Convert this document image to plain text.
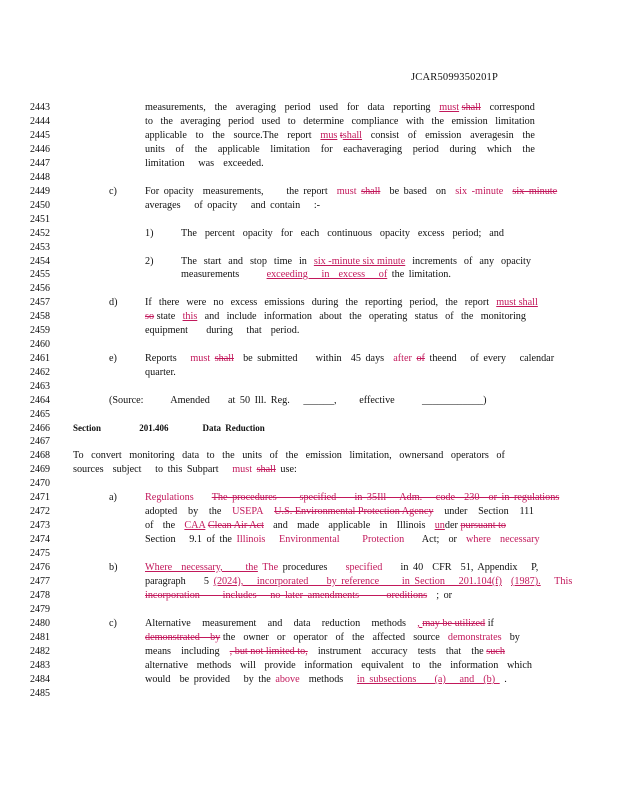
JCAR5099350201P
2443
2444
2445
2446
2447
2448
2449
2450
2451
2452
2453
2454
2455
2456
2457
2458
2459
2460
2461
2462
2463
2464
2465
2466
2467
2468
2469
2470
2471
2472
2473
2474
2475
2476
2477
2478
2479
2480
2481
2482
2483
2484
2485
measurements, the averaging period used for data reporting must shall correspond
to the averaging period used to determine compliance with the emission limitation
applicable to the source.The report mus tshall consist of emission averagesin the
units of the applicable limitation for eachaveraging period during which the
limitation   was  exceeded.
c)	For opacity  measurements,     the report  must shall  be based  on  six -minute six minute
averages   of opacity   and contain   :-
1)	The percent opacity for each continuous opacity excess period; and
2)	The start and stop time in six -minute six minute increments of any opacity
measurements      exceeding   in  excess   of the limitation.
d)	If there were no excess emissions during the reporting period, the report must shall
so state this and include information about the operating status of the monitoring
equipment    during   that  period.
e)	Reports   must shall  be submitted    within  45 days  after of theend   of every   calendar
quarter.
(Source:	Amended at 50 Ill. Reg. ______, effective	____________)
Section	201.406	Data Reduction
To convert monitoring data to the units of the emission limitation, ownersand operators of
sources  subject   to this Subpart   must shall use:
a)	Regulations The procedures     specified    in 35Ill   Adm.   code  230  or in regulations
adopted by the USEPA U.S. Environmental Protection Agency under Section 111
of the CAA Clean Air Act and made applicable in Illinois under pursuant to
Section   9.1 of the Illinois   Environmental     Protection    Act;  or  where  necessary
b)	Where  necessary,     the The procedures    specified    in 40  CFR  51, Appendix   P,
paragraph    5 (2024),   incorporated    by reference     in Section   201.104(f) (1987). This
incorporation     includes   no later amendments      oreditions  ; or
c)	Alternative measurement and data reduction methods , may be utilized if
demonstrated    by the owner or operator of the affected source demonstrates by
means including , but not limited to, instrument accuracy tests that the such
alternative methods will provide information equivalent to the information which
would  be provided   by the above  methods   in subsections    (a)   and  (b)  .
